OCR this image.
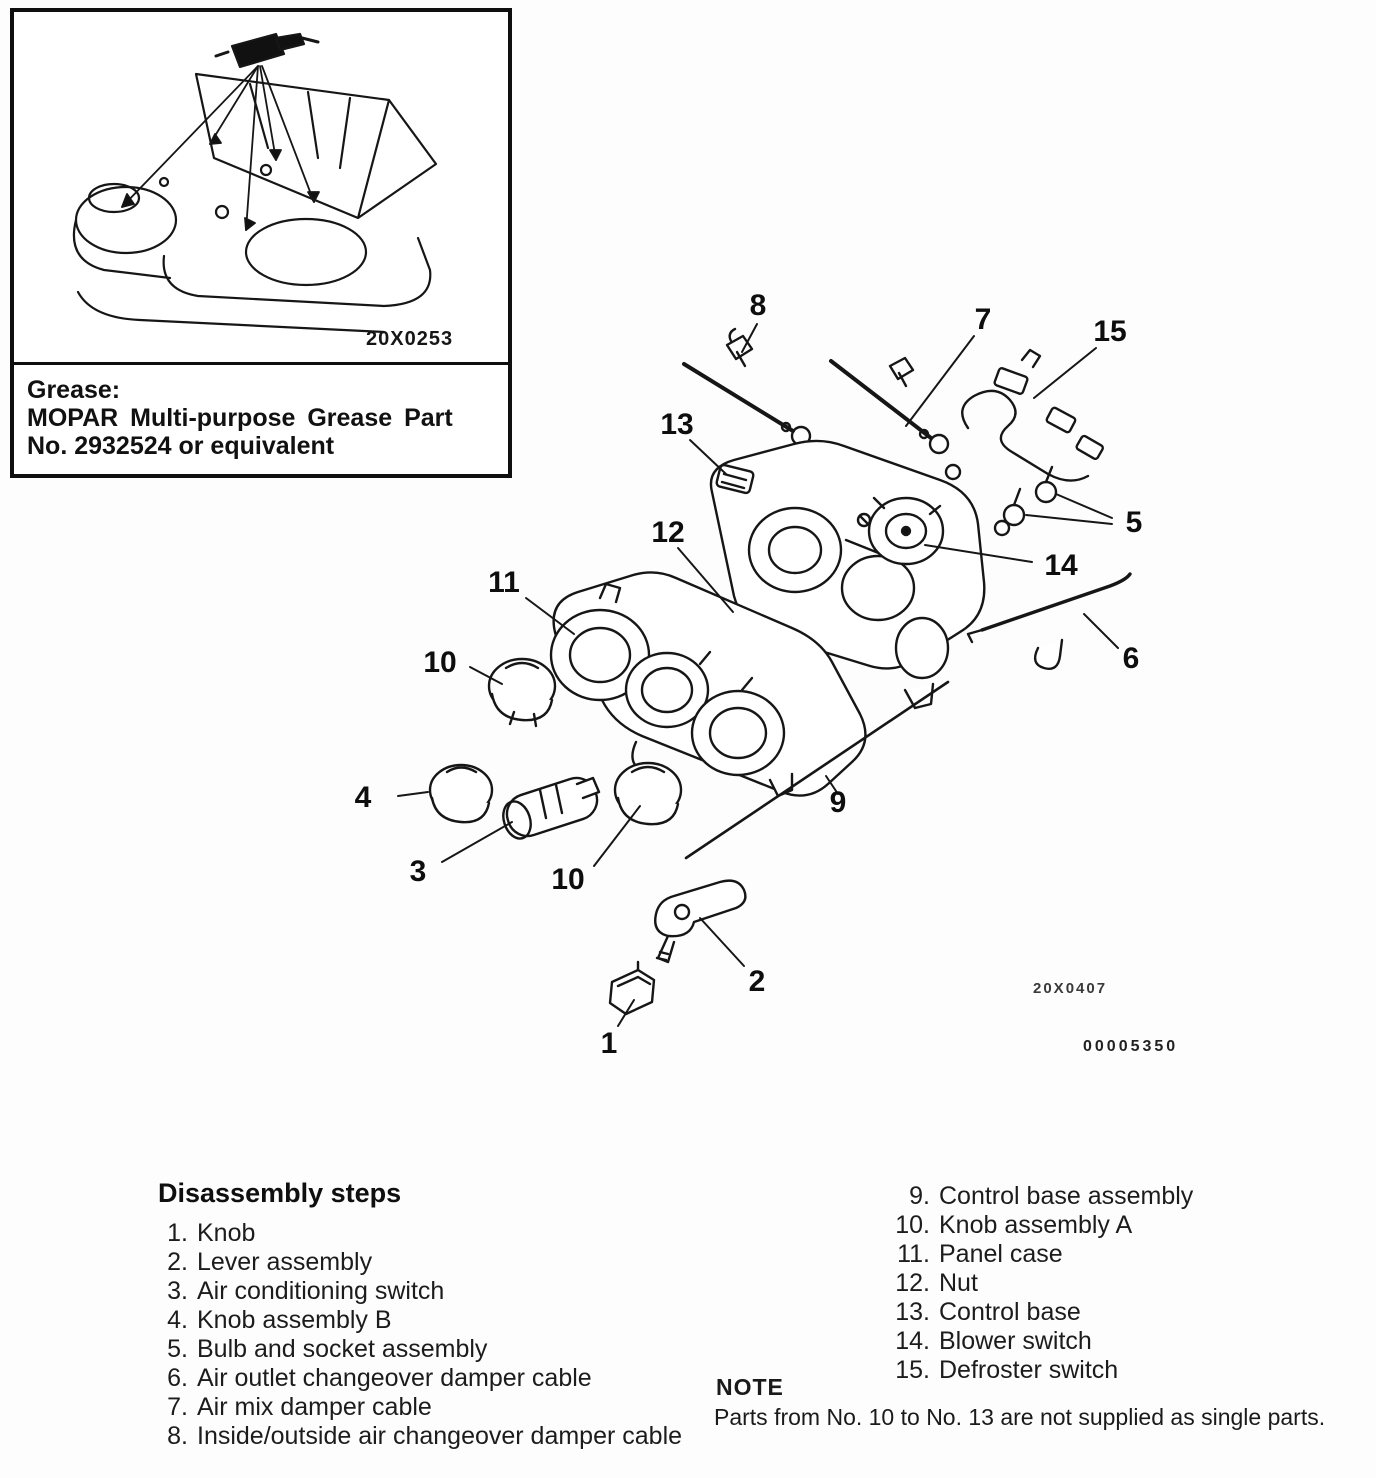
20X0253
Grease:
MOPAR Multi-purpose Grease Part
No. 2932524 or equivalent
8	7	15
13
12
11
14
5
10	6
4
3	10
9
2
1
20X0407
00005350
Disassembly steps
1. Knob
2. Lever assembly
3. Air conditioning switch
4. Knob assembly B
5. Bulb and socket assembly
6. Air outlet changeover damper cable
7. Air mix damper cable
8. Inside/outside air changeover damper cable
9. Control base assembly
10. Knob assembly A
11. Panel case
12. Nut
13. Control base
14. Blower switch
15. Defroster switch
NOTE
Parts from No. 10 to No. 13 are not supplied as single parts.
